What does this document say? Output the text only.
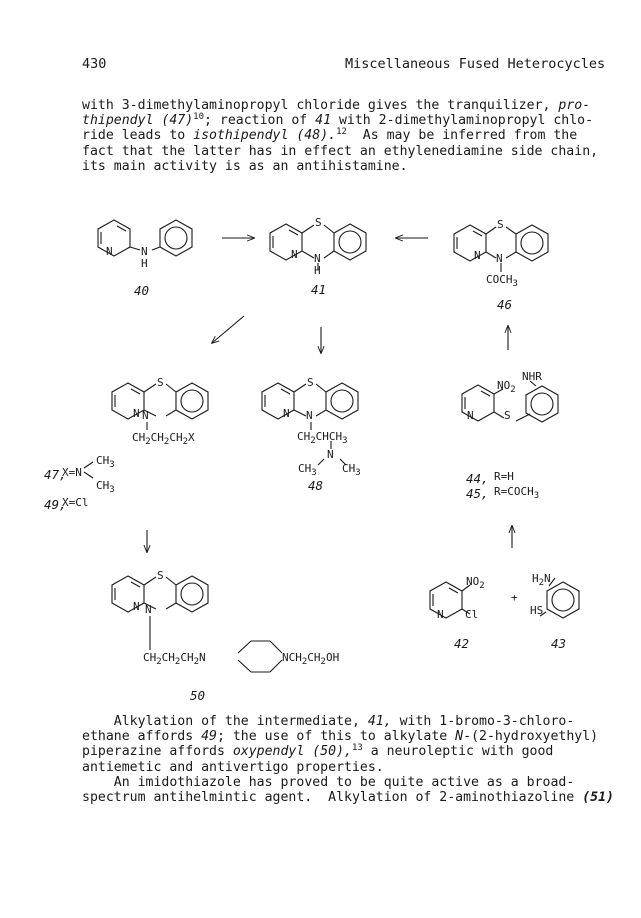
430	Miscellaneous Fused Heterocycles

with 3-dimethylaminopropyl chloride gives the tranquilizer, pro-

thipendyl $(47)^{10}$; reaction of 41 with 2-dimethylaminopropyl chlo-

ride leads to isothipendyl (48).$^{12}$  As may be inferred from the

fact that the latter has in effect an ethylenediamine side chain,

its main activity is as an antihistamine.

N	N
H
S
N N
H
S
N N
$COCH_3$
S
N N
$CH_2CH_2CH_2X$
$CH_3$
X=N
$CH_3$
X=Cl
S
N N
$CH_2CHCH_3$
N
$CH_3$ $CH_3$
$NO_2$
NHR
N	S
R=H
$R=COCH_3$
$NO_2$
N Cl
+
$H_2N$
HS
S
N N
$CH_2CH_2CH_2N$	$NCH_2CH_2OH$
40	41
46
47,
48
49,
44,
45,
42	43
50

Alkylation of the intermediate, 41, with 1-bromo-3-chloro-

ethane affords 49; the use of this to alkylate N-(2-hydroxyethyl)

piperazine affords oxypendyl (50),$^{13}$ a neuroleptic with good

antiemetic and antivertigo properties.

An imidothiazole has proved to be quite active as a broad-

spectrum antihelmintic agent.  Alkylation of 2-aminothiazoline (51)
